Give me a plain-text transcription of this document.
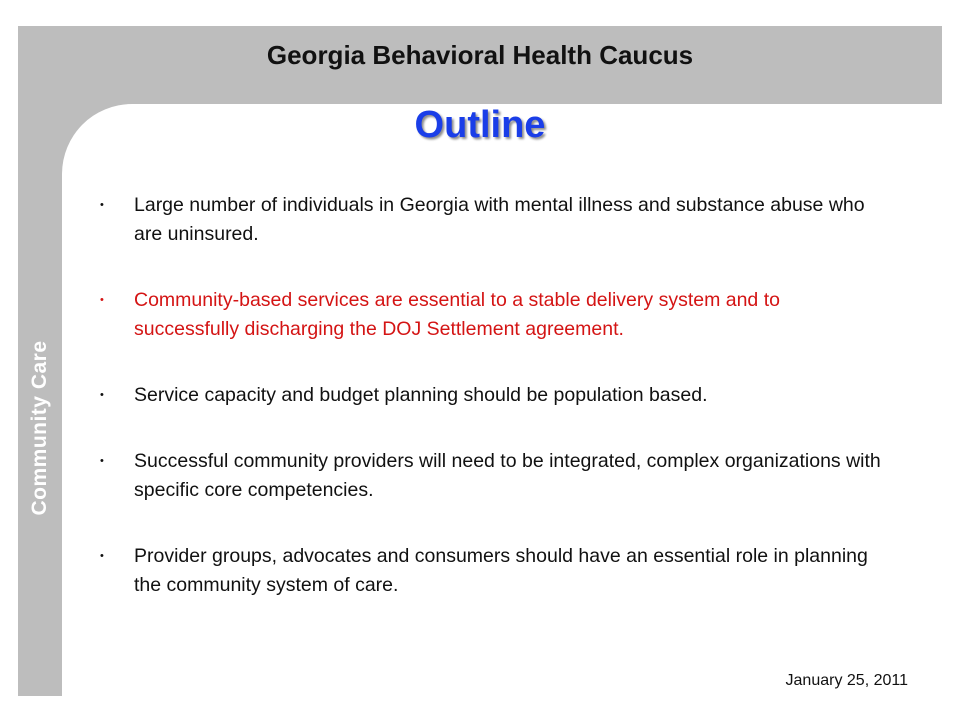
Georgia Behavioral Health Caucus
Community Care
Outline
• Large number of individuals in Georgia with mental illness and substance abuse who are uninsured.
• Community-based services are essential to a stable delivery system and to successfully discharging the DOJ Settlement agreement.
• Service capacity and budget planning should be population based.
• Successful community providers will need to be integrated, complex organizations with specific core competencies.
• Provider groups, advocates and consumers should have an essential role in planning the community system of care.
January 25, 2011
